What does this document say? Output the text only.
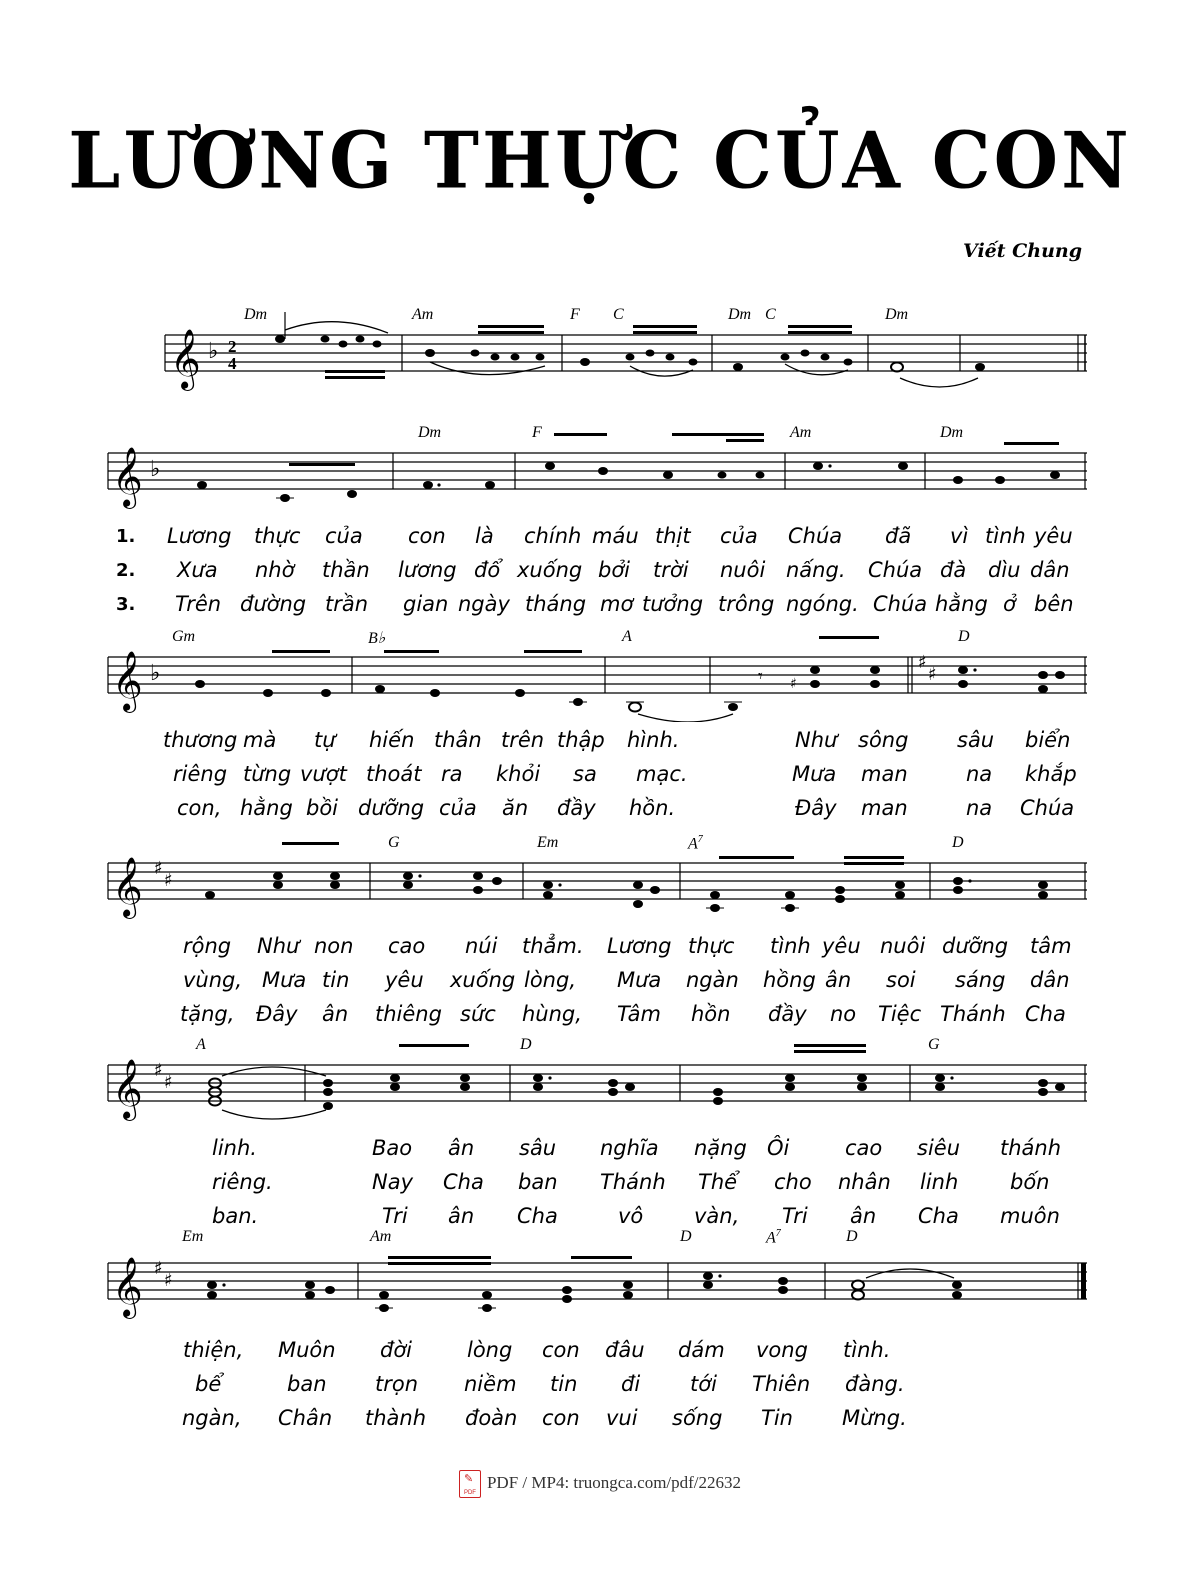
LƯƠNG THỰC CỦA CON
Viết Chung
𝄞 ♭ 2
4
Dm	Am	F C	Dm C	Dm
𝄞 ♭
Dm	F	Am	Dm
1. Lương thực của con là chính máu thịt của Chúa đã vì tình yêu
2. Xưa nhờ thần lương đổ xuống bởi trời nuôi nấng. Chúa đà dìu dân
3. Trên đường trần gian ngày tháng mơ tưởng trông ngóng. Chúa hằng ở bên
𝄞 ♭	♯
♯
𝄾 ♯
Gm	B♭	A	D
thương mà tự hiến thân trên thập hình.	Như sông sâu biển
riêng từng vượt thoát ra khỏi sa mạc.	Mưa man	na khắp
con, hằng bồi dưỡng của ăn đầy hồn.	Đây man	na Chúa
𝄞 ♯
♯
G	Em	$A^7$	D
rộng Như non cao núi thẳm. Lương thực tình yêu nuôi dưỡng tâm
vùng, Mưa tin yêu xuống lòng, Mưa ngàn hồng ân soi sáng dân
tặng, Đây ân thiêng sức hùng, Tâm hồn đầy no Tiệc Thánh Cha
𝄞 ♯
♯
A	D	G
linh.	Bao ân sâu nghĩa nặng Ôi	cao siêu thánh
riêng.	Nay Cha ban Thánh Thể cho nhân linh bốn
ban.	Tri ân Cha	vô vàn, Tri ân Cha muôn
𝄞 ♯
♯
Em	Am	D	$A^7$	D
thiện, Muôn đời	lòng con đâu dám vong tình.
bể	ban trọn niềm tin đi tới Thiên đàng.
ngàn, Chân thành đoàn con vui sống Tin Mừng.
✎ PDFPDF / MP4: truongca.com/pdf/22632
